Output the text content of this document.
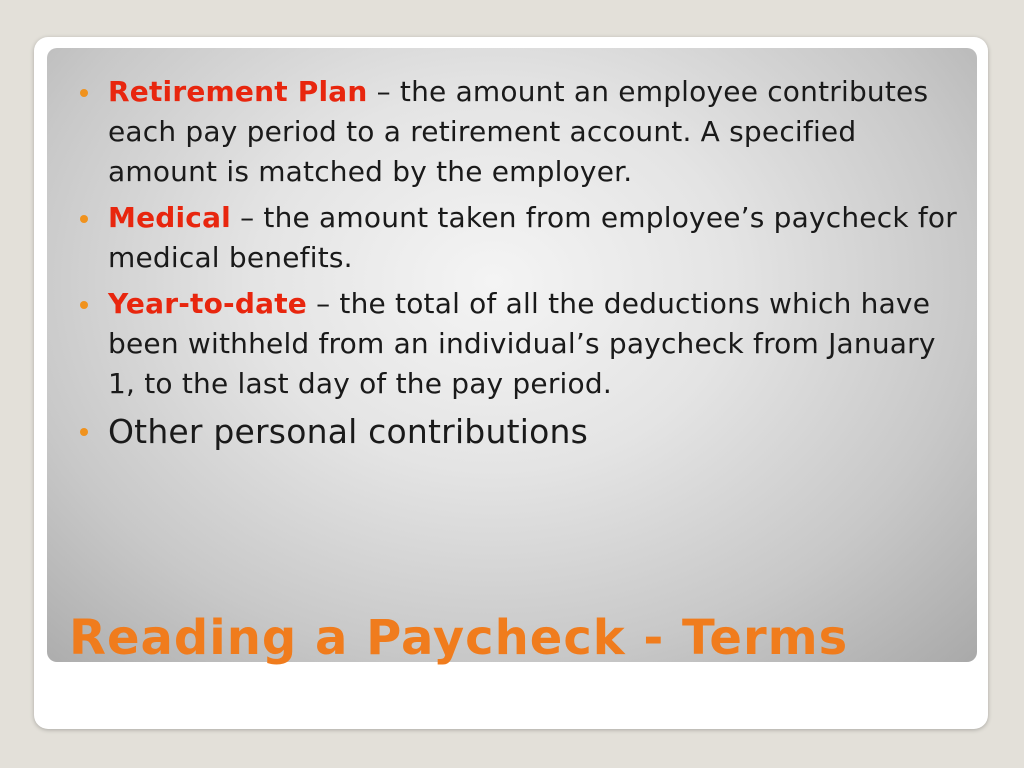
Retirement Plan – the amount an employee contributes each pay period to a retirement account. A specified amount is matched by the employer.
Medical – the amount taken from employee’s paycheck for medical benefits.
Year-to-date – the total of all the deductions which have been withheld from an individual’s paycheck from January 1, to the last day of the pay period.
Other personal contributions
Reading a Paycheck - Terms
